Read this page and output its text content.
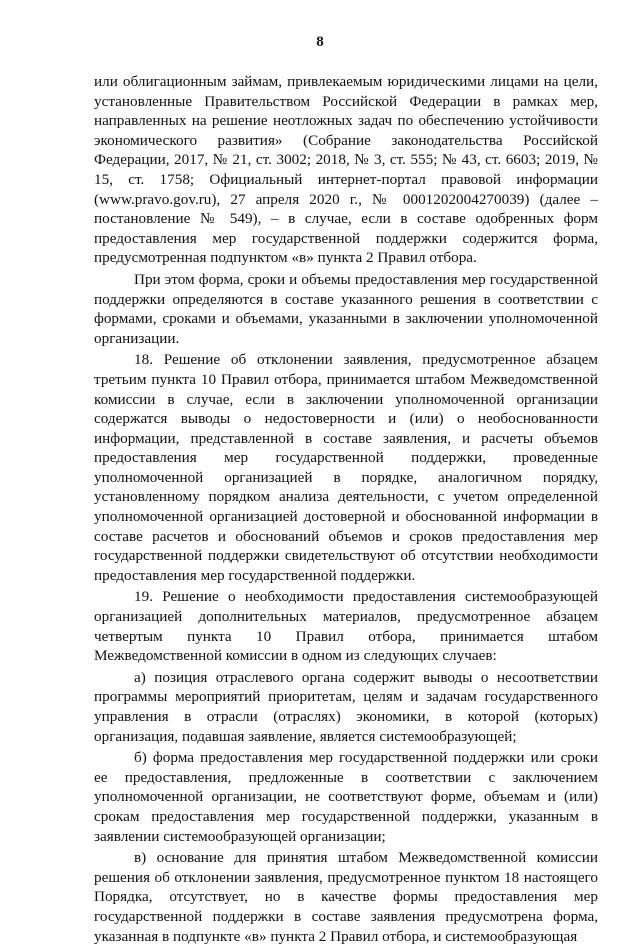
8

или облигационным займам, привлекаемым юридическими лицами на цели, установленные Правительством Российской Федерации в рамках мер, направленных на решение неотложных задач по обеспечению устойчивости экономического развития» (Собрание законодательства Российской Федерации, 2017, № 21, ст. 3002; 2018, № 3, ст. 555; № 43, ст. 6603; 2019, № 15, ст. 1758; Официальный интернет-портал правовой информации (www.pravo.gov.ru), 27 апреля 2020 г., № 0001202004270039) (далее – постановление № 549), – в случае, если в составе одобренных форм предоставления мер государственной поддержки содержится форма, предусмотренная подпунктом «в» пункта 2 Правил отбора.

При этом форма, сроки и объемы предоставления мер государственной поддержки определяются в составе указанного решения в соответствии с формами, сроками и объемами, указанными в заключении уполномоченной организации.

18. Решение об отклонении заявления, предусмотренное абзацем третьим пункта 10 Правил отбора, принимается штабом Межведомственной комиссии в случае, если в заключении уполномоченной организации содержатся выводы о недостоверности и (или) о необоснованности информации, представленной в составе заявления, и расчеты объемов предоставления мер государственной поддержки, проведенные уполномоченной организацией в порядке, аналогичном порядку, установленному порядком анализа деятельности, с учетом определенной уполномоченной организацией достоверной и обоснованной информации в составе расчетов и обоснований объемов и сроков предоставления мер государственной поддержки свидетельствуют об отсутствии необходимости предоставления мер государственной поддержки.

19. Решение о необходимости предоставления системообразующей организацией дополнительных материалов, предусмотренное абзацем четвертым пункта 10 Правил отбора, принимается штабом Межведомственной комиссии в одном из следующих случаев:

а) позиция отраслевого органа содержит выводы о несоответствии программы мероприятий приоритетам, целям и задачам государственного управления в отрасли (отраслях) экономики, в которой (которых) организация, подавшая заявление, является системообразующей;

б) форма предоставления мер государственной поддержки или сроки ее предоставления, предложенные в соответствии с заключением уполномоченной организации, не соответствуют форме, объемам и (или) срокам предоставления мер государственной поддержки, указанным в заявлении системообразующей организации;

в) основание для принятия штабом Межведомственной комиссии решения об отклонении заявления, предусмотренное пунктом 18 настоящего Порядка, отсутствует, но в качестве формы предоставления мер государственной поддержки в составе заявления предусмотрена форма, указанная в подпункте «в» пункта 2 Правил отбора, и системообразующая
